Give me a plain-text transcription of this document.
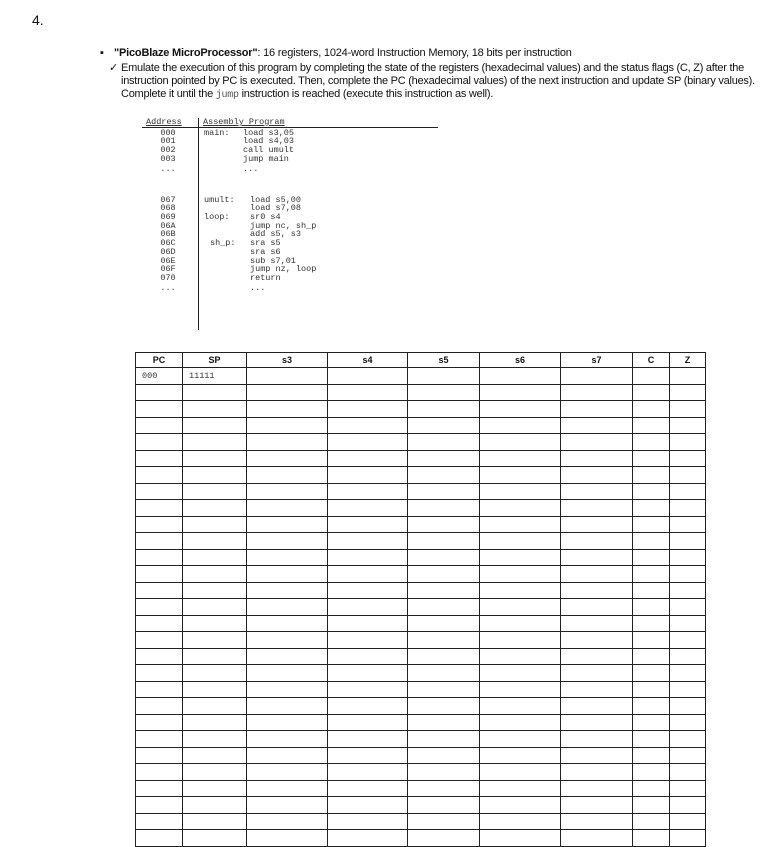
4.
▪ "PicoBlaze MicroProcessor": 16 registers, 1024-word Instruction Memory, 18 bits per instruction
✓ Emulate the execution of this program by completing the state of the registers (hexadecimal values) and the status flags (C, Z) after the instruction pointed by PC is executed. Then, complete the PC (hexadecimal values) of the next instruction and update SP (binary values). Complete it until the jump instruction is reached (execute this instruction as well).
Address	Assembly Program
000	main: load s3,05
001	load s4,03
002	call umult
003	jump main
...	...
067	umult: load s5,00
068	load s7,08
069	loop: sr0 s4
06A	jump nc, sh_p
06B	add s5, s3
06C	sh_p: sra s5
06D	sra s6
06E	sub s7,01
06F	jump nz, loop
070	return
...	...
PC	SP	s3	s4	s5	s6	s7	C	Z
000	11111							
